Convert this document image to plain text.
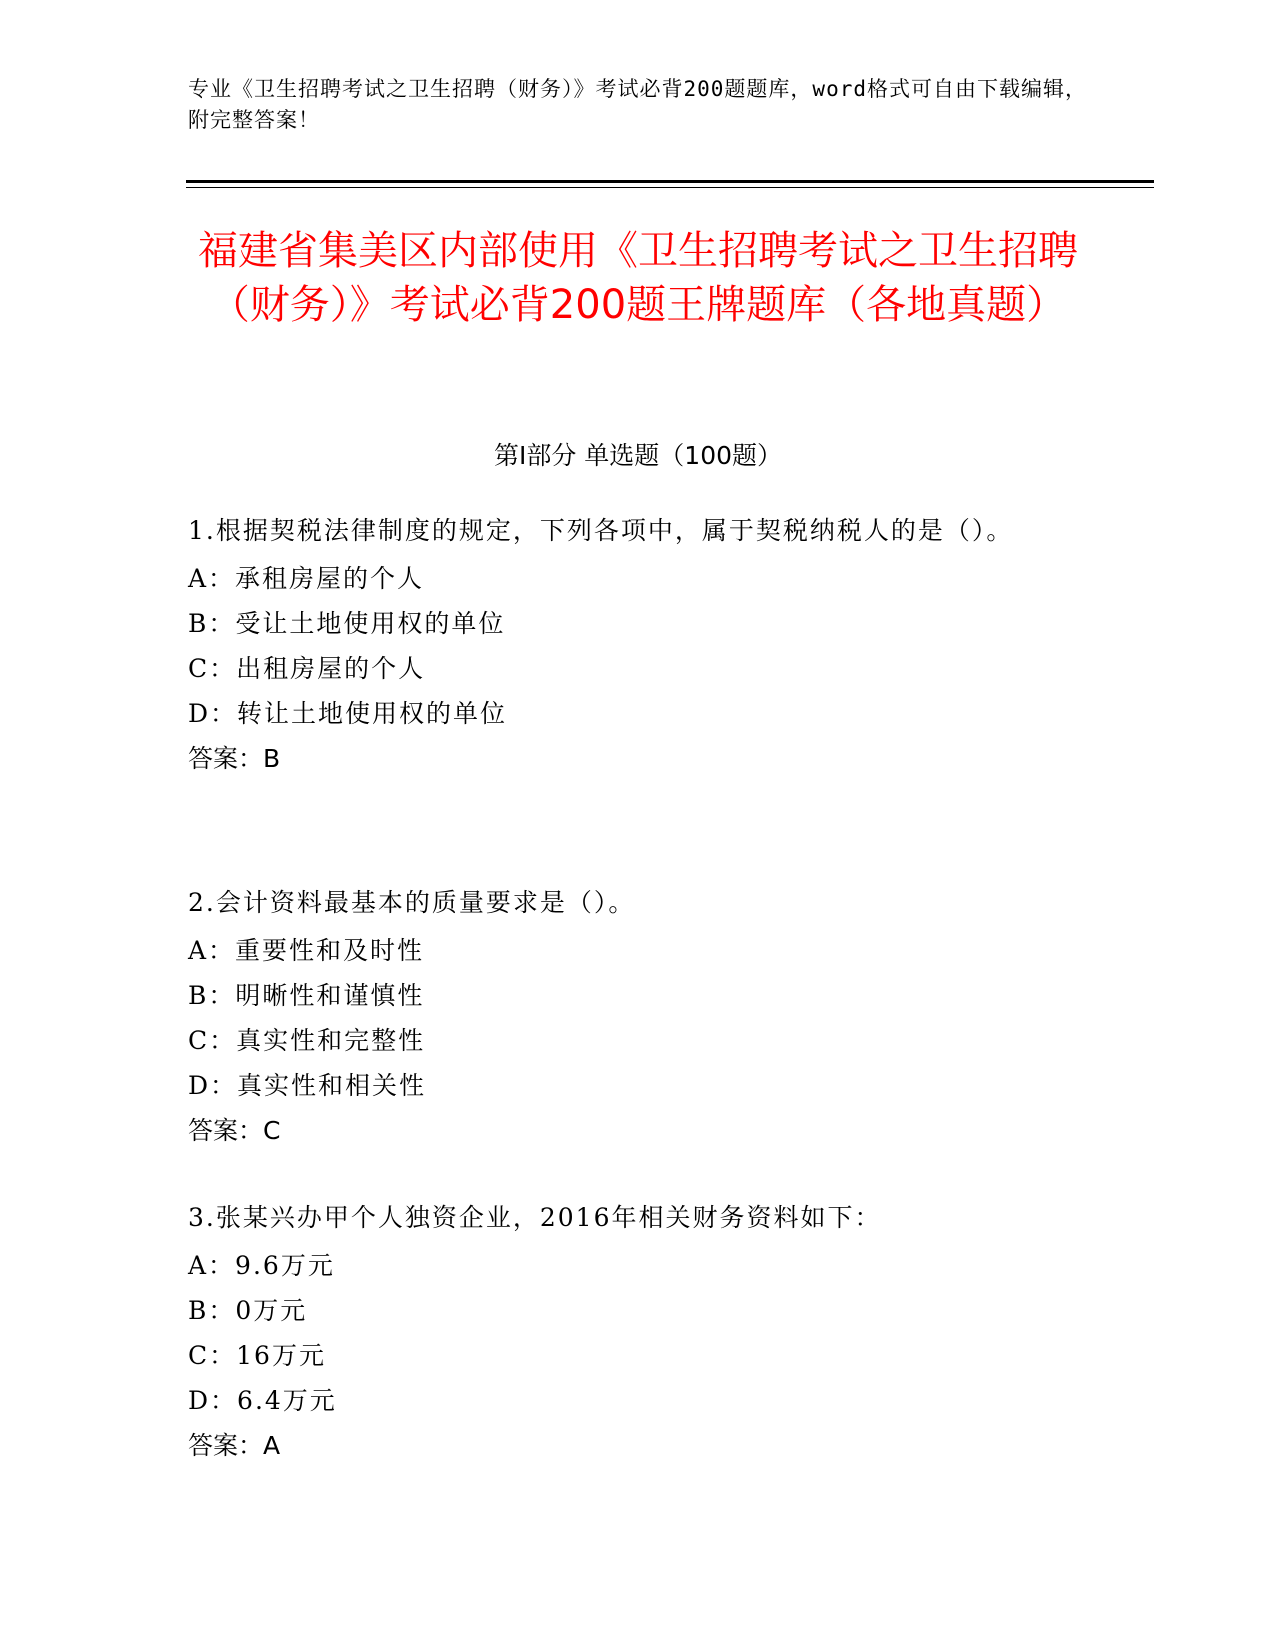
专业《卫生招聘考试之卫生招聘（财务）》考试必背200题题库，word格式可自由下载编辑，附完整答案！
福建省集美区内部使用《卫生招聘考试之卫生招聘（财务）》考试必背200题王牌题库（各地真题）
第Ⅰ部分 单选题（100题）

1.根据契税法律制度的规定，下列各项中，属于契税纳税人的是（）。

A：承租房屋的个人

B：受让土地使用权的单位

C：出租房屋的个人

D：转让土地使用权的单位

答案：B

2.会计资料最基本的质量要求是（）。

A：重要性和及时性

B：明晰性和谨慎性

C：真实性和完整性

D：真实性和相关性

答案：C

3.张某兴办甲个人独资企业，2016年相关财务资料如下：

A：9.6万元

B：0万元

C：16万元

D：6.4万元

答案：A
